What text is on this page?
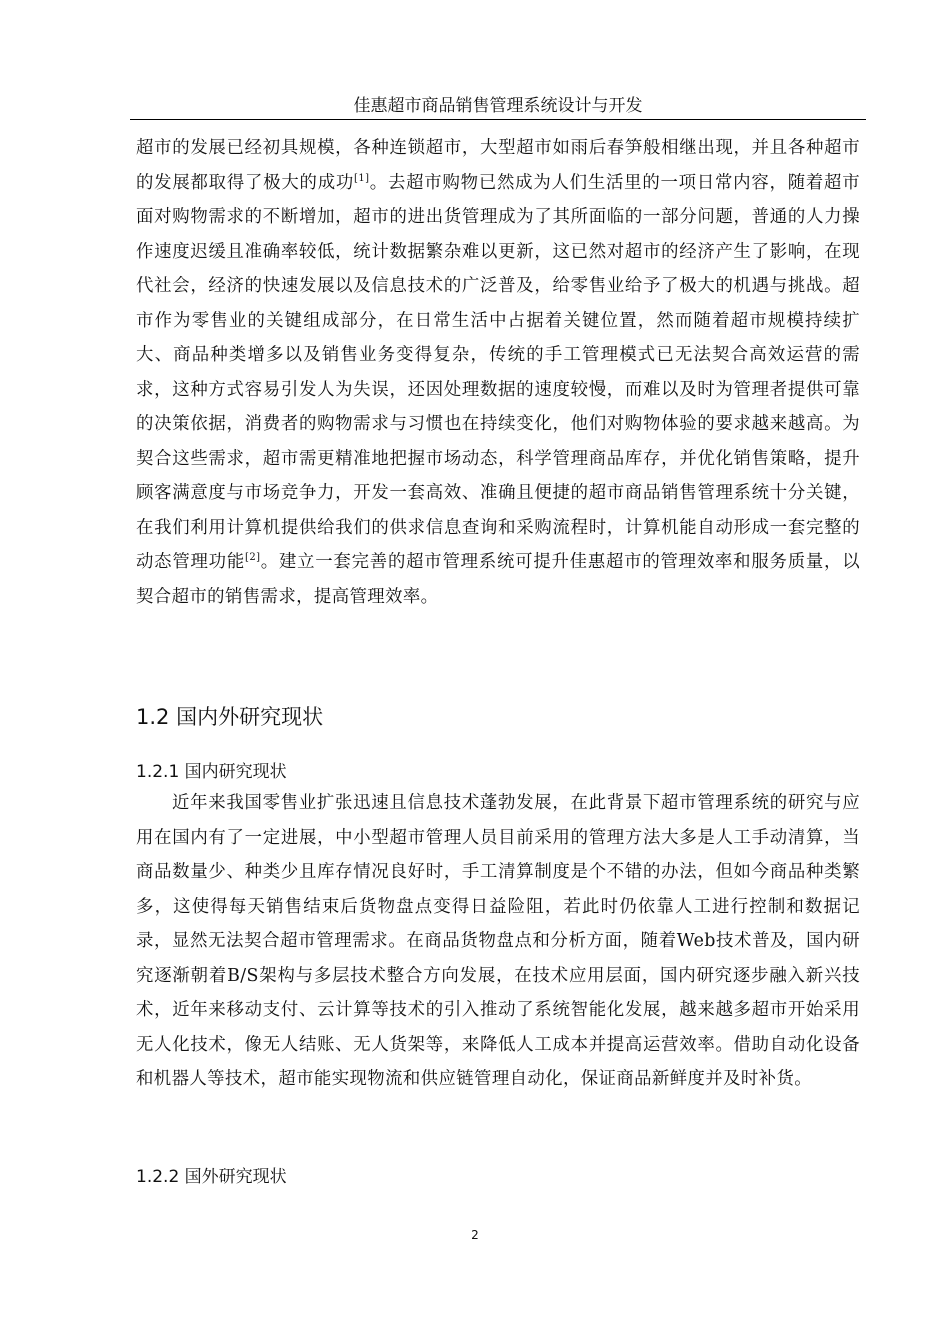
佳惠超市商品销售管理系统设计与开发
超市的发展已经初具规模，各种连锁超市，大型超市如雨后春笋般相继出现，并且各种超市的发展都取得了极大的成功[1]。去超市购物已然成为人们生活里的一项日常内容，随着超市面对购物需求的不断增加，超市的进出货管理成为了其所面临的一部分问题，普通的人力操作速度迟缓且准确率较低，统计数据繁杂难以更新，这已然对超市的经济产生了影响，在现代社会，经济的快速发展以及信息技术的广泛普及，给零售业给予了极大的机遇与挑战。超市作为零售业的关键组成部分，在日常生活中占据着关键位置，然而随着超市规模持续扩大、商品种类增多以及销售业务变得复杂，传统的手工管理模式已无法契合高效运营的需求，这种方式容易引发人为失误，还因处理数据的速度较慢，而难以及时为管理者提供可靠的决策依据，消费者的购物需求与习惯也在持续变化，他们对购物体验的要求越来越高。为契合这些需求，超市需更精准地把握市场动态，科学管理商品库存，并优化销售策略，提升顾客满意度与市场竞争力，开发一套高效、准确且便捷的超市商品销售管理系统十分关键，在我们利用计算机提供给我们的供求信息查询和采购流程时，计算机能自动形成一套完整的动态管理功能[2]。建立一套完善的超市管理系统可提升佳惠超市的管理效率和服务质量，以契合超市的销售需求，提高管理效率。
1.2 国内外研究现状
1.2.1 国内研究现状
近年来我国零售业扩张迅速且信息技术蓬勃发展，在此背景下超市管理系统的研究与应用在国内有了一定进展，中小型超市管理人员目前采用的管理方法大多是人工手动清算，当商品数量少、种类少且库存情况良好时，手工清算制度是个不错的办法，但如今商品种类繁多，这使得每天销售结束后货物盘点变得日益险阻，若此时仍依靠人工进行控制和数据记录，显然无法契合超市管理需求。在商品货物盘点和分析方面，随着Web技术普及，国内研究逐渐朝着B/S架构与多层技术整合方向发展，在技术应用层面，国内研究逐步融入新兴技术，近年来移动支付、云计算等技术的引入推动了系统智能化发展，越来越多超市开始采用无人化技术，像无人结账、无人货架等，来降低人工成本并提高运营效率。借助自动化设备和机器人等技术，超市能实现物流和供应链管理自动化，保证商品新鲜度并及时补货。
1.2.2 国外研究现状
2
